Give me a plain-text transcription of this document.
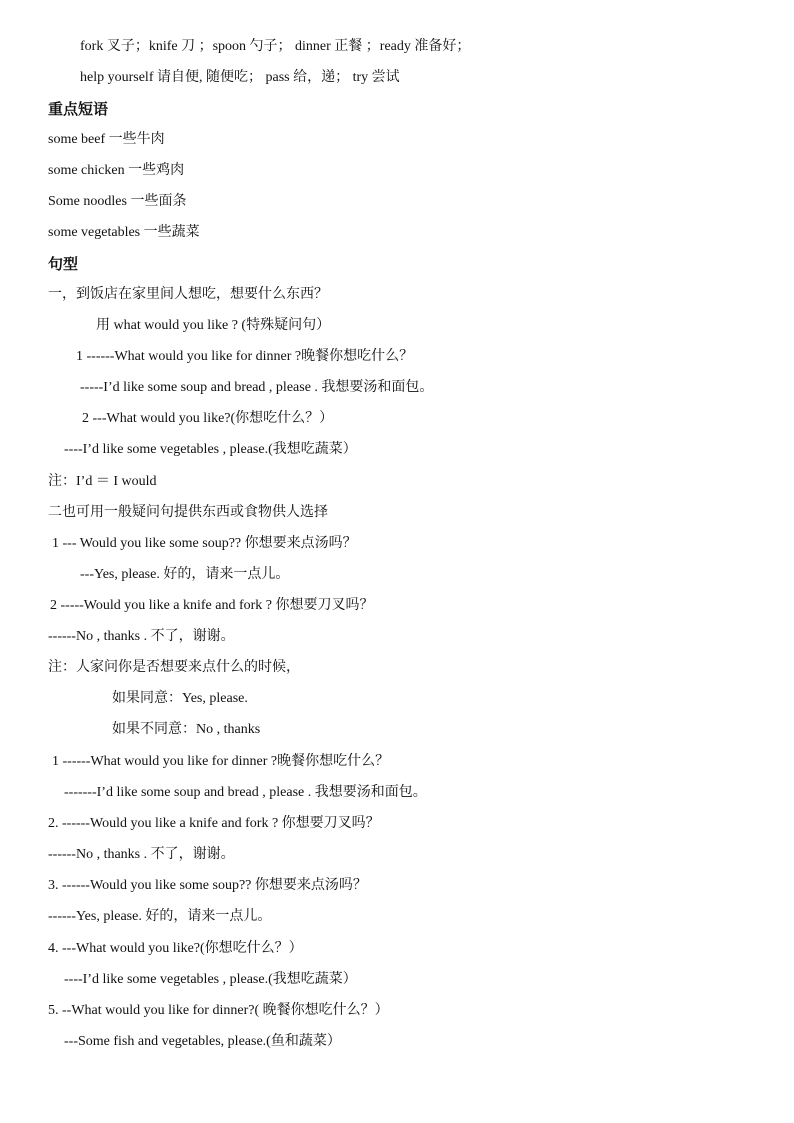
fork 叉子；knife 刀 ；spoon 勺子； dinner 正餐 ；ready 准备好；
help yourself 请自便, 随便吃； pass 给，递； try 尝试
重点短语
some beef 一些牛肉
some chicken 一些鸡肉
Some noodles 一些面条
some vegetables 一些蔬菜
句型
一，到饭店在家里间人想吃，想要什么东西？
用 what would you like ? (特殊疑问句）
1 ------What would you like for dinner ?晚餐你想吃什么？
-----I’d like some soup and bread , please . 我想要汤和面包。
2 ---What would you like?(你想吃什么？）
----I’d like some vegetables , please.(我想吃蔬菜）
注：I’d ＝ I would
二也可用一般疑问句提供东西或食物供人选择
1 --- Would you like some soup?? 你想要来点汤吗？
---Yes, please. 好的，请来一点儿。
2 -----Would you like a knife and fork ? 你想要刀叉吗？
------No , thanks . 不了，谢谢。
注：人家问你是否想要来点什么的时候，
如果同意：Yes, please.
如果不同意：No , thanks
1 ------What would you like for dinner ?晚餐你想吃什么？
-------I’d like some soup and bread , please . 我想要汤和面包。
2. ------Would you like a knife and fork ? 你想要刀叉吗？
------No , thanks . 不了，谢谢。
3. ------Would you like some soup?? 你想要来点汤吗？
------Yes, please. 好的，请来一点儿。
4. ---What would you like?(你想吃什么？）
----I’d like some vegetables , please.(我想吃蔬菜）
5. --What would you like for dinner?( 晚餐你想吃什么？）
---Some fish and vegetables, please.(鱼和蔬菜）
